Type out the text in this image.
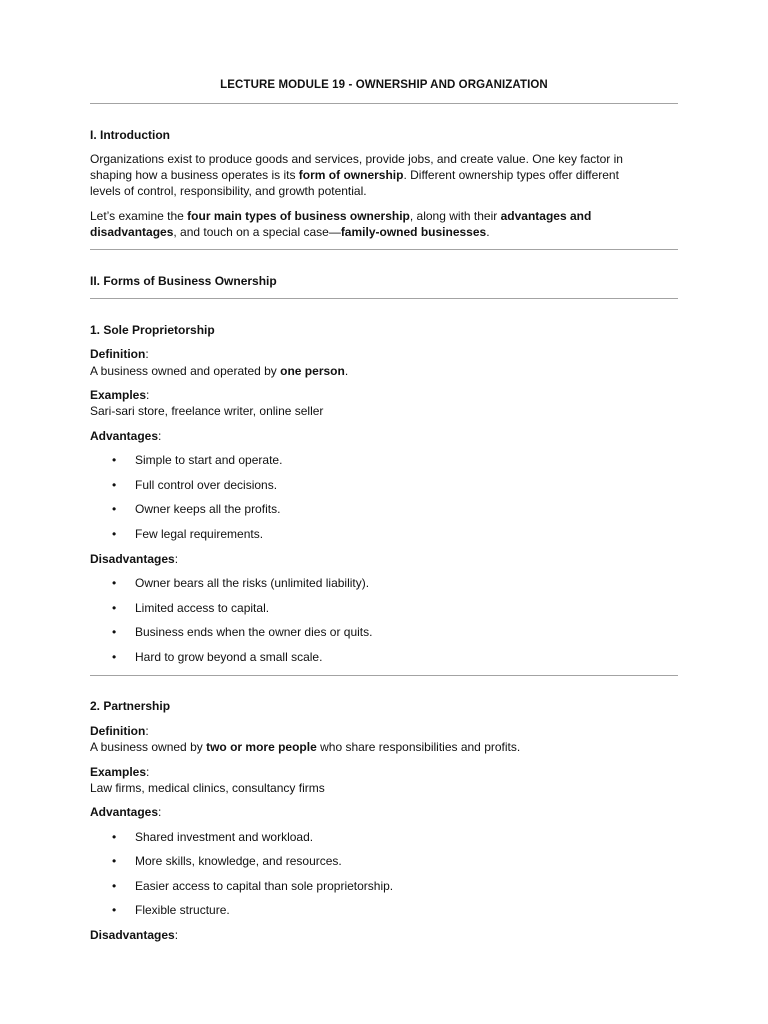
LECTURE MODULE 19 - OWNERSHIP AND ORGANIZATION
I. Introduction
Organizations exist to produce goods and services, provide jobs, and create value. One key factor in
shaping how a business operates is its form of ownership. Different ownership types offer different
levels of control, responsibility, and growth potential.
Let’s examine the four main types of business ownership, along with their advantages and
disadvantages, and touch on a special case—family-owned businesses.
II. Forms of Business Ownership
1. Sole Proprietorship
Definition:
A business owned and operated by one person.
Examples:
Sari-sari store, freelance writer, online seller
Advantages:
• Simple to start and operate.
• Full control over decisions.
• Owner keeps all the profits.
• Few legal requirements.
Disadvantages:
• Owner bears all the risks (unlimited liability).
• Limited access to capital.
• Business ends when the owner dies or quits.
• Hard to grow beyond a small scale.
2. Partnership
Definition:
A business owned by two or more people who share responsibilities and profits.
Examples:
Law firms, medical clinics, consultancy firms
Advantages:
• Shared investment and workload.
• More skills, knowledge, and resources.
• Easier access to capital than sole proprietorship.
• Flexible structure.
Disadvantages:
